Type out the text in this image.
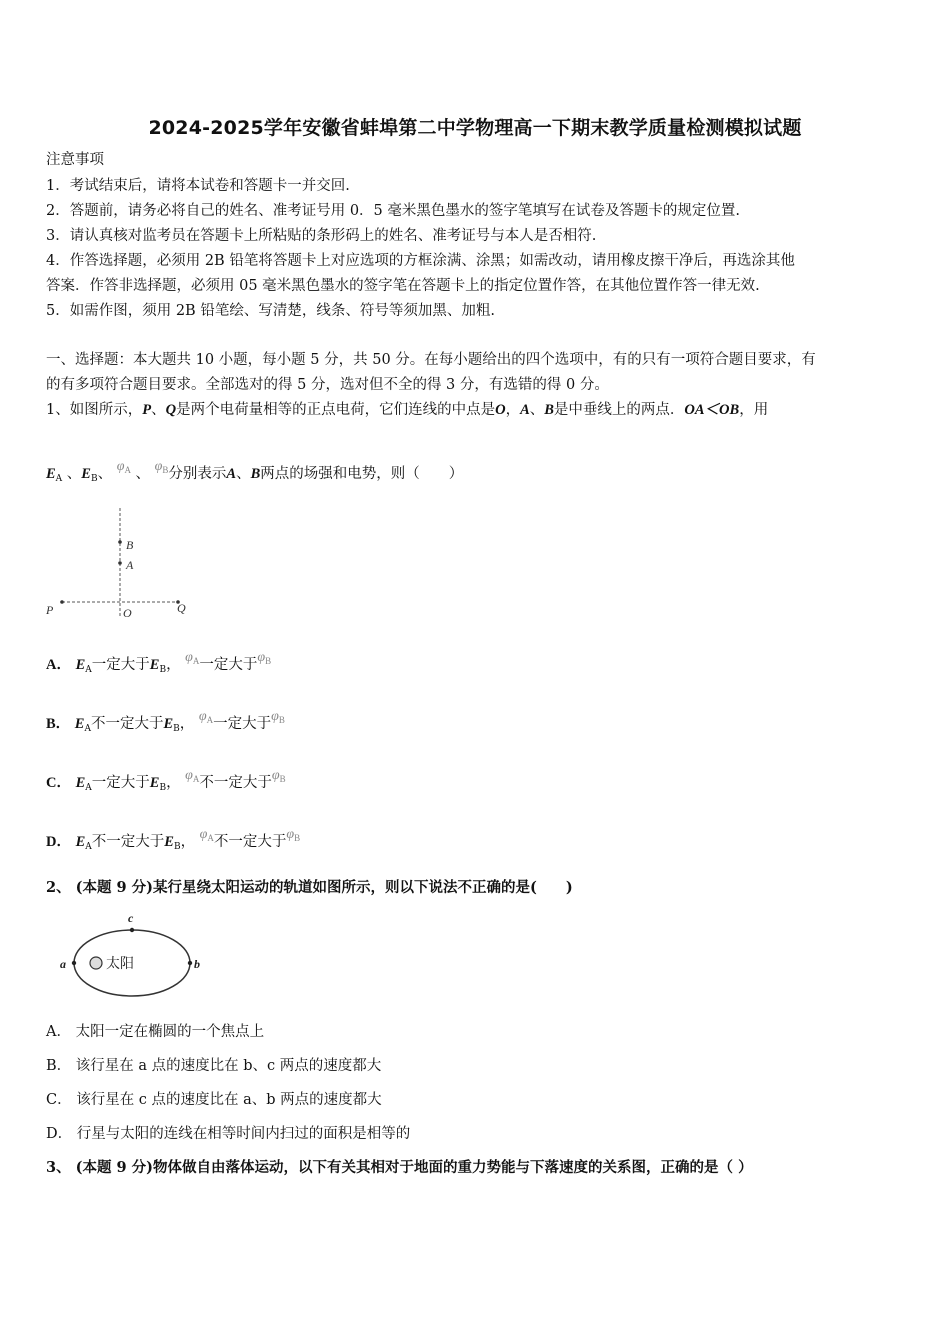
2024-2025学年安徽省蚌埠第二中学物理高一下期末教学质量检测模拟试题
注意事项
1．考试结束后，请将本试卷和答题卡一并交回.
2．答题前，请务必将自己的姓名、准考证号用 0．5 毫米黑色墨水的签字笔填写在试卷及答题卡的规定位置.
3．请认真核对监考员在答题卡上所粘贴的条形码上的姓名、准考证号与本人是否相符.
4．作答选择题，必须用 2B 铅笔将答题卡上对应选项的方框涂满、涂黑；如需改动，请用橡皮擦干净后，再选涂其他
答案．作答非选择题，必须用 05 毫米黑色墨水的签字笔在答题卡上的指定位置作答，在其他位置作答一律无效.
5．如需作图，须用 2B 铅笔绘、写清楚，线条、符号等须加黑、加粗.
一、选择题：本大题共 10 小题，每小题 5 分，共 50 分。在每小题给出的四个选项中，有的只有一项符合题目要求，有
的有多项符合题目要求。全部选对的得 5 分，选对但不全的得 3 分，有选错的得 0 分。
1、如图所示，P、Q是两个电荷量相等的正点电荷，它们连线的中点是O，A、B是中垂线上的两点．OA＜OB，用
$E_A$ 、$E_B$、 $\varphi_A$ 、 $\varphi_B$分别表示A、B两点的场强和电势，则（　　）
B
A
P	O	Q
A． $E_A$一定大于$E_B$， $\varphi_A$一定大于$\varphi_B$
B． $E_A$不一定大于$E_B$， $\varphi_A$一定大于$\varphi_B$
C． $E_A$一定大于$E_B$， $\varphi_A$不一定大于$\varphi_B$
D． $E_A$不一定大于$E_B$， $\varphi_A$不一定大于$\varphi_B$
2、 (本题 9 分)某行星绕太阳运动的轨道如图所示，则以下说法不正确的是(　　)
太阳
c
a	b
A． 太阳一定在椭圆的一个焦点上
B． 该行星在 a 点的速度比在 b、c 两点的速度都大
C． 该行星在 c 点的速度比在 a、b 两点的速度都大
D． 行星与太阳的连线在相等时间内扫过的面积是相等的
3、 (本题 9 分)物体做自由落体运动，以下有关其相对于地面的重力势能与下落速度的关系图，正确的是（ ）
